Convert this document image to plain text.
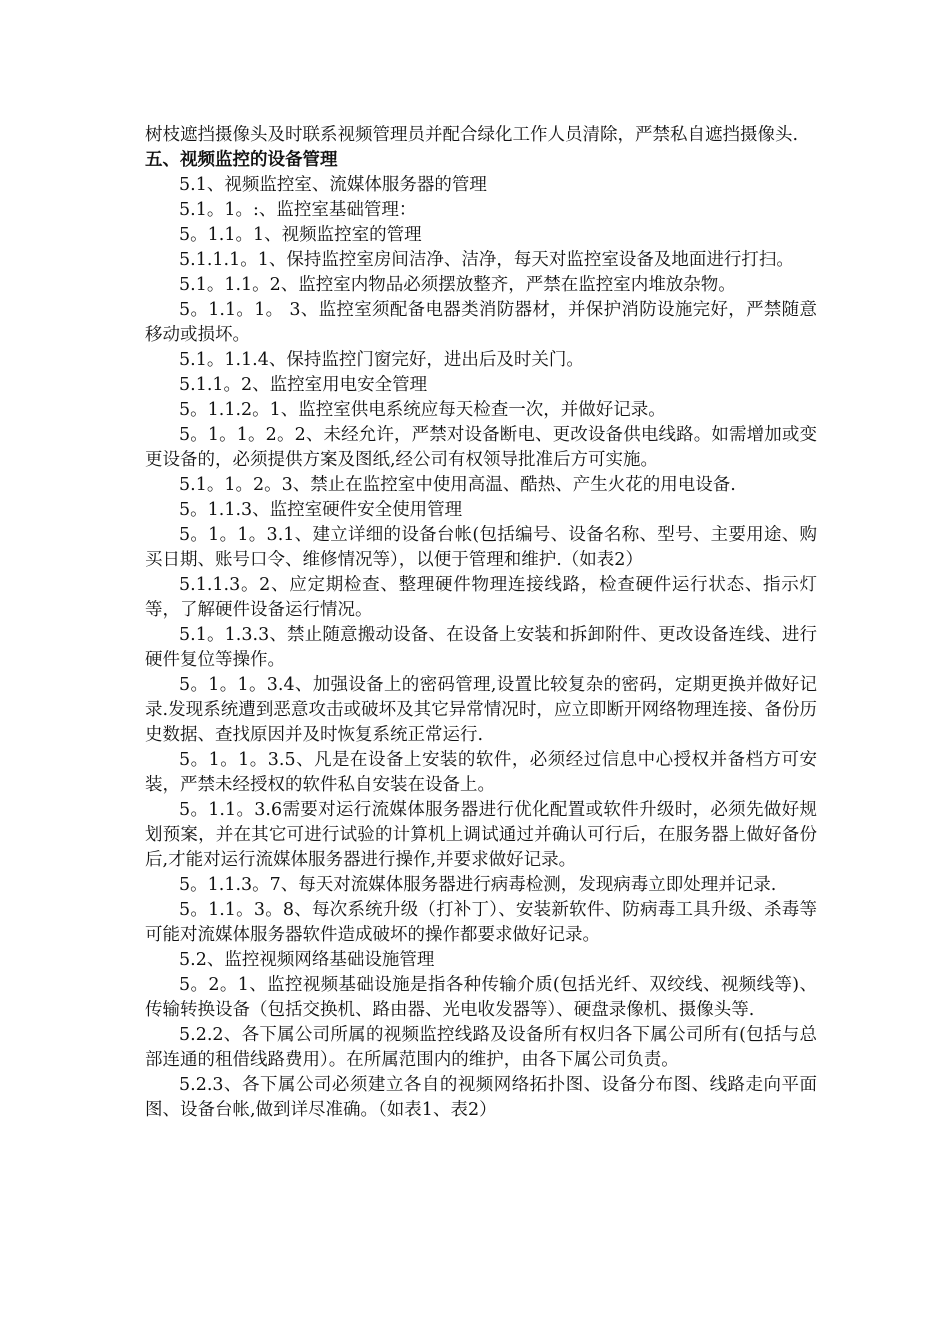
树枝遮挡摄像头及时联系视频管理员并配合绿化工作人员清除，严禁私自遮挡摄像头.

五、视频监控的设备管理

5.1、视频监控室、流媒体服务器的管理

5.1。1。:、监控室基础管理：

5。1.1。1、视频监控室的管理

5.1.1.1。1、保持监控室房间洁净、洁净，每天对监控室设备及地面进行打扫。

5.1。1.1。2、监控室内物品必须摆放整齐，严禁在监控室内堆放杂物。

5。1.1。1。 3、监控室须配备电器类消防器材，并保护消防设施完好，严禁随意移动或损坏。

5.1。1.1.4、保持监控门窗完好，进出后及时关门。

5.1.1。2、监控室用电安全管理

5。1.1.2。1、监控室供电系统应每天检查一次，并做好记录。

5。1。1。2。2、未经允许，严禁对设备断电、更改设备供电线路。如需增加或变更设备的，必须提供方案及图纸,经公司有权领导批准后方可实施。

5.1。1。2。3、禁止在监控室中使用高温、酷热、产生火花的用电设备.

5。1.1.3、监控室硬件安全使用管理

5。1。1。3.1、建立详细的设备台帐(包括编号、设备名称、型号、主要用途、购买日期、账号口令、维修情况等），以便于管理和维护.（如表2）

5.1.1.3。2、应定期检查、整理硬件物理连接线路，检查硬件运行状态、指示灯等，了解硬件设备运行情况。

5.1。1.3.3、禁止随意搬动设备、在设备上安装和拆卸附件、更改设备连线、进行硬件复位等操作。

5。1。1。3.4、加强设备上的密码管理,设置比较复杂的密码，定期更换并做好记录.发现系统遭到恶意攻击或破坏及其它异常情况时，应立即断开网络物理连接、备份历史数据、查找原因并及时恢复系统正常运行.

5。1。1。3.5、凡是在设备上安装的软件，必须经过信息中心授权并备档方可安装，严禁未经授权的软件私自安装在设备上。

5。1.1。3.6需要对运行流媒体服务器进行优化配置或软件升级时，必须先做好规划预案，并在其它可进行试验的计算机上调试通过并确认可行后，在服务器上做好备份后,才能对运行流媒体服务器进行操作,并要求做好记录。

5。1.1.3。7、每天对流媒体服务器进行病毒检测，发现病毒立即处理并记录.

5。1.1。3。8、每次系统升级（打补丁）、安装新软件、防病毒工具升级、杀毒等可能对流媒体服务器软件造成破坏的操作都要求做好记录。

5.2、监控视频网络基础设施管理

5。2。1、监控视频基础设施是指各种传输介质(包括光纤、双绞线、视频线等)、传输转换设备（包括交换机、路由器、光电收发器等）、硬盘录像机、摄像头等.

5.2.2、各下属公司所属的视频监控线路及设备所有权归各下属公司所有(包括与总部连通的租借线路费用）。在所属范围内的维护，由各下属公司负责。

5.2.3、各下属公司必须建立各自的视频网络拓扑图、设备分布图、线路走向平面图、设备台帐,做到详尽准确。（如表1、表2）
